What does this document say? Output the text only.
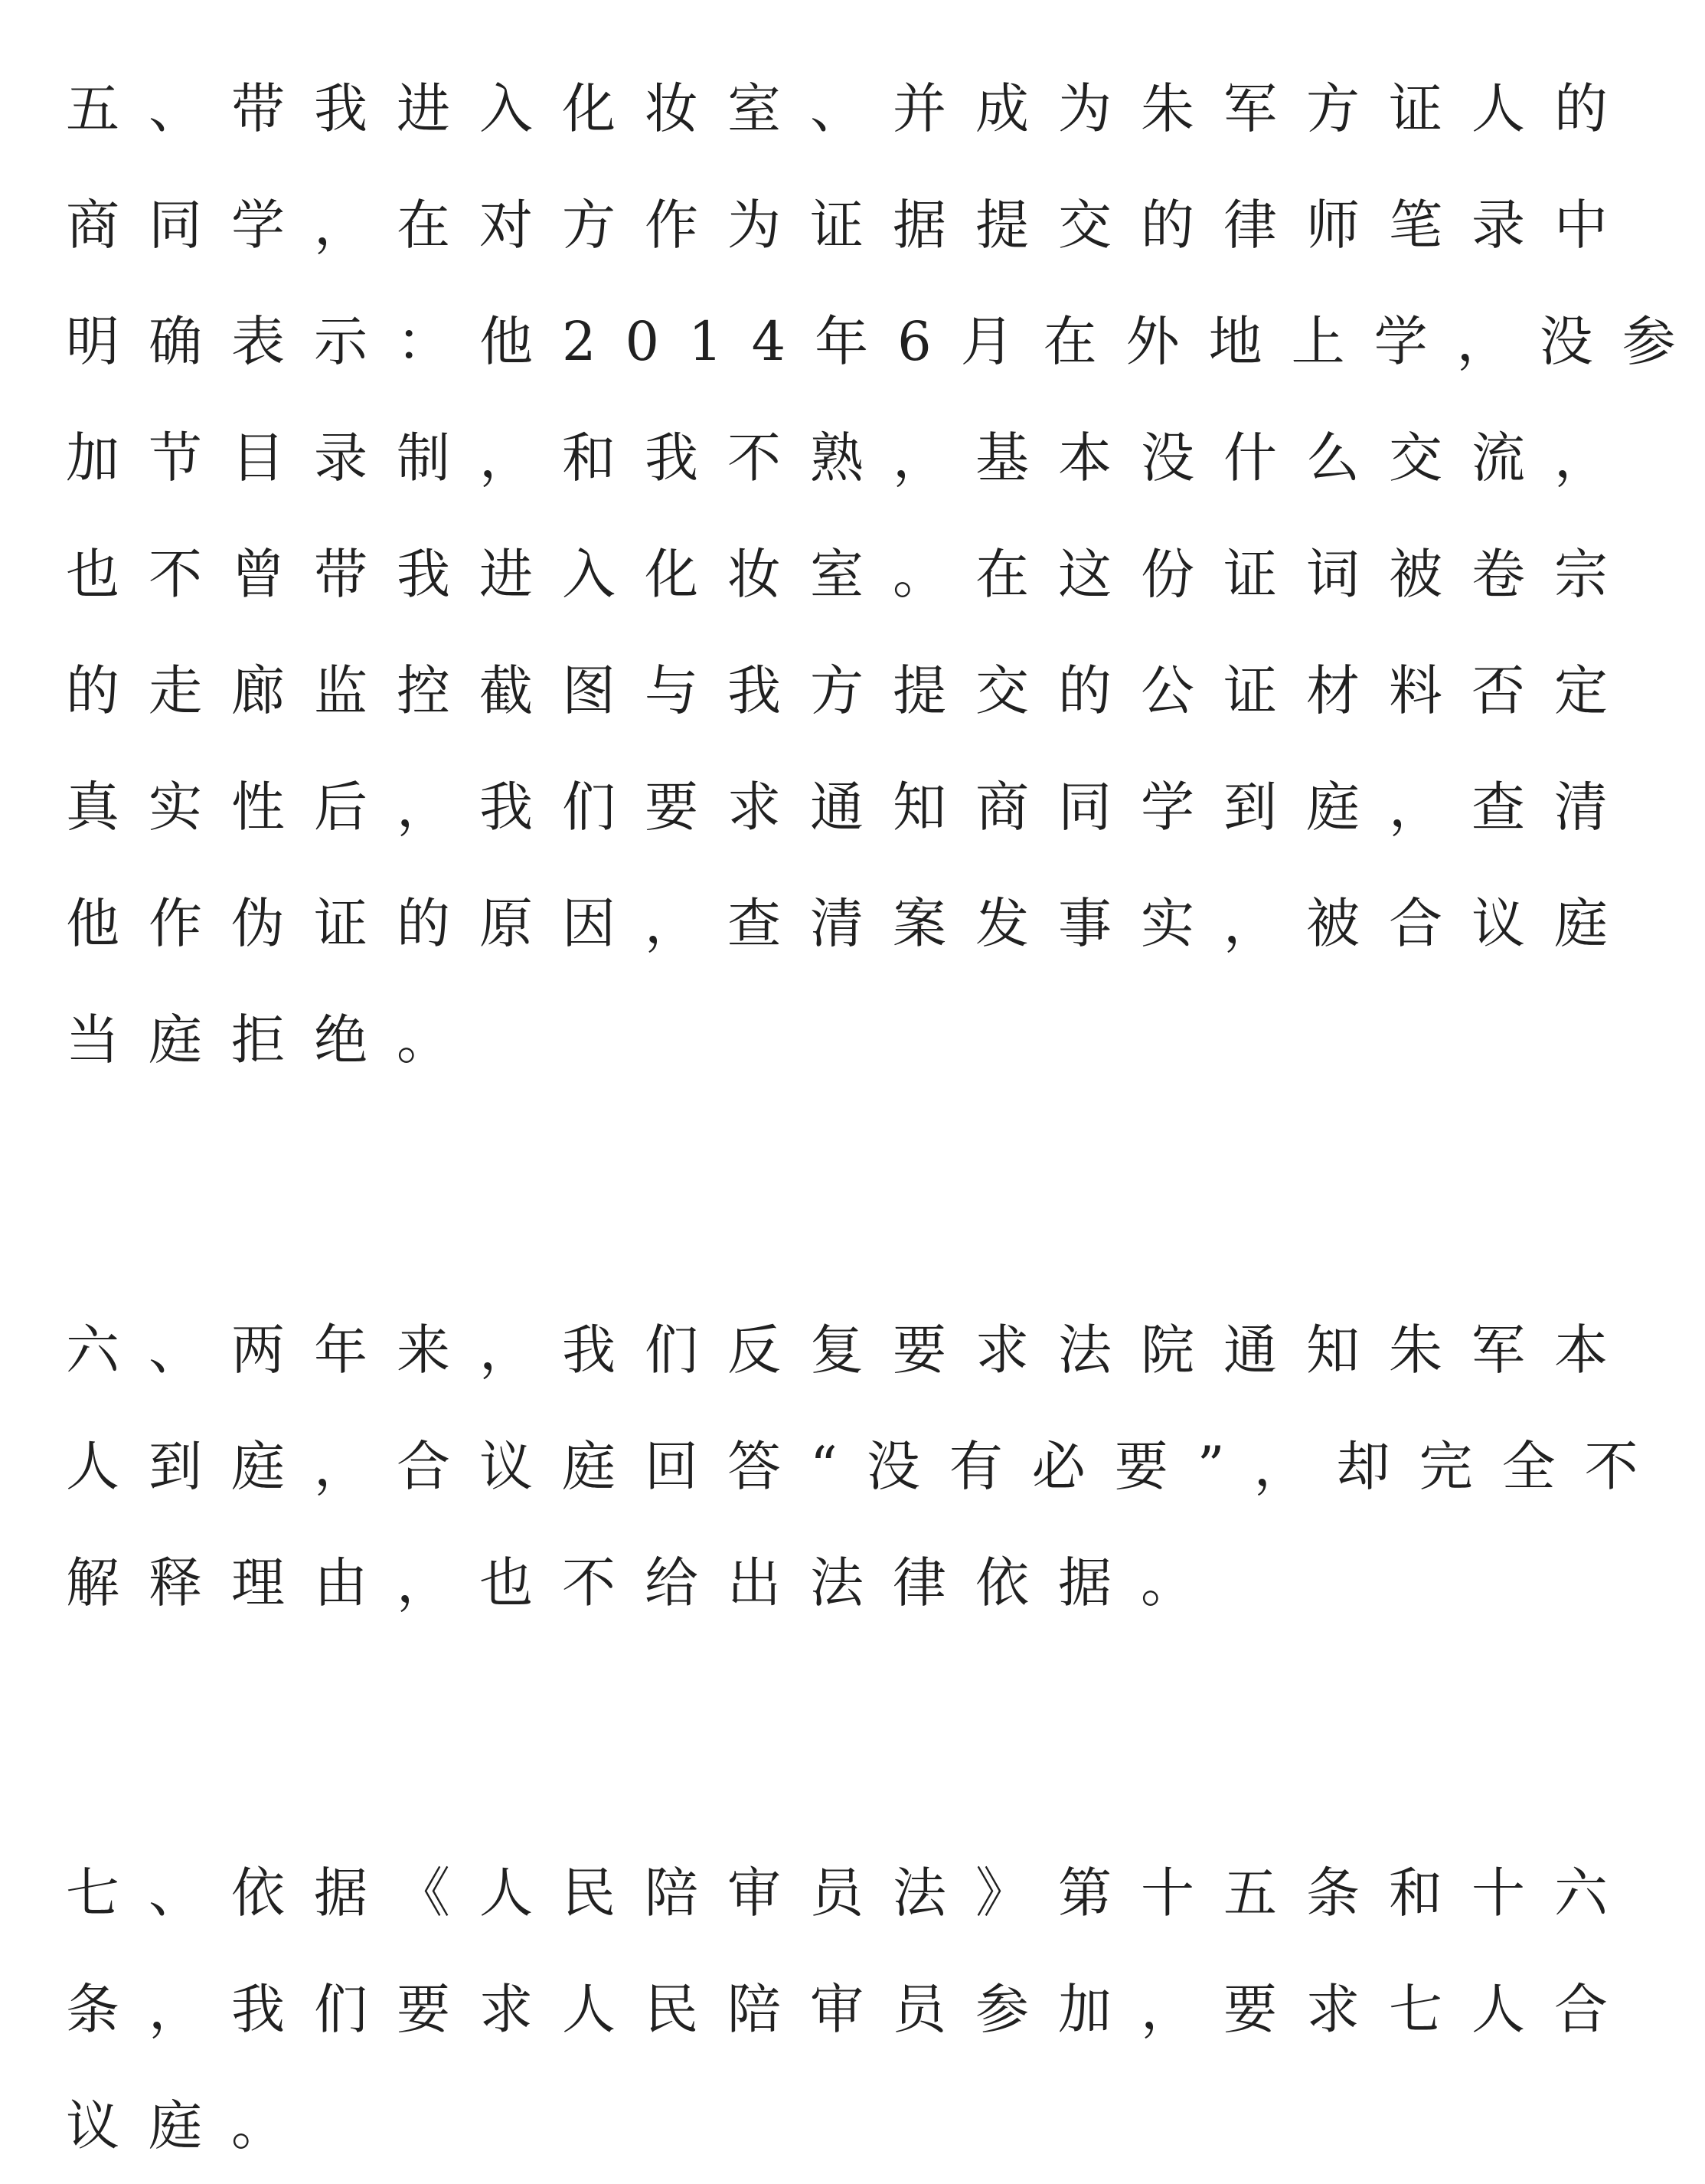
五、带我进入化妆室、并成为朱军方证人的
商同学，在对方作为证据提交的律师笔录中
明确表示：他2014年6月在外地上学，没参
加节目录制，和我不熟，基本没什么交流，
也不曾带我进入化妆室。在这份证词被卷宗
的走廊监控截图与我方提交的公证材料否定
真实性后，我们要求通知商同学到庭，查清
他作伪证的原因，查清案发事实，被合议庭
当庭拒绝。
六、两年来，我们反复要求法院通知朱军本
人到庭，合议庭回答“没有必要”，却完全不
解释理由，也不给出法律依据。
七、依据《人民陪审员法》第十五条和十六
条，我们要求人民陪审员参加，要求七人合
议庭。
